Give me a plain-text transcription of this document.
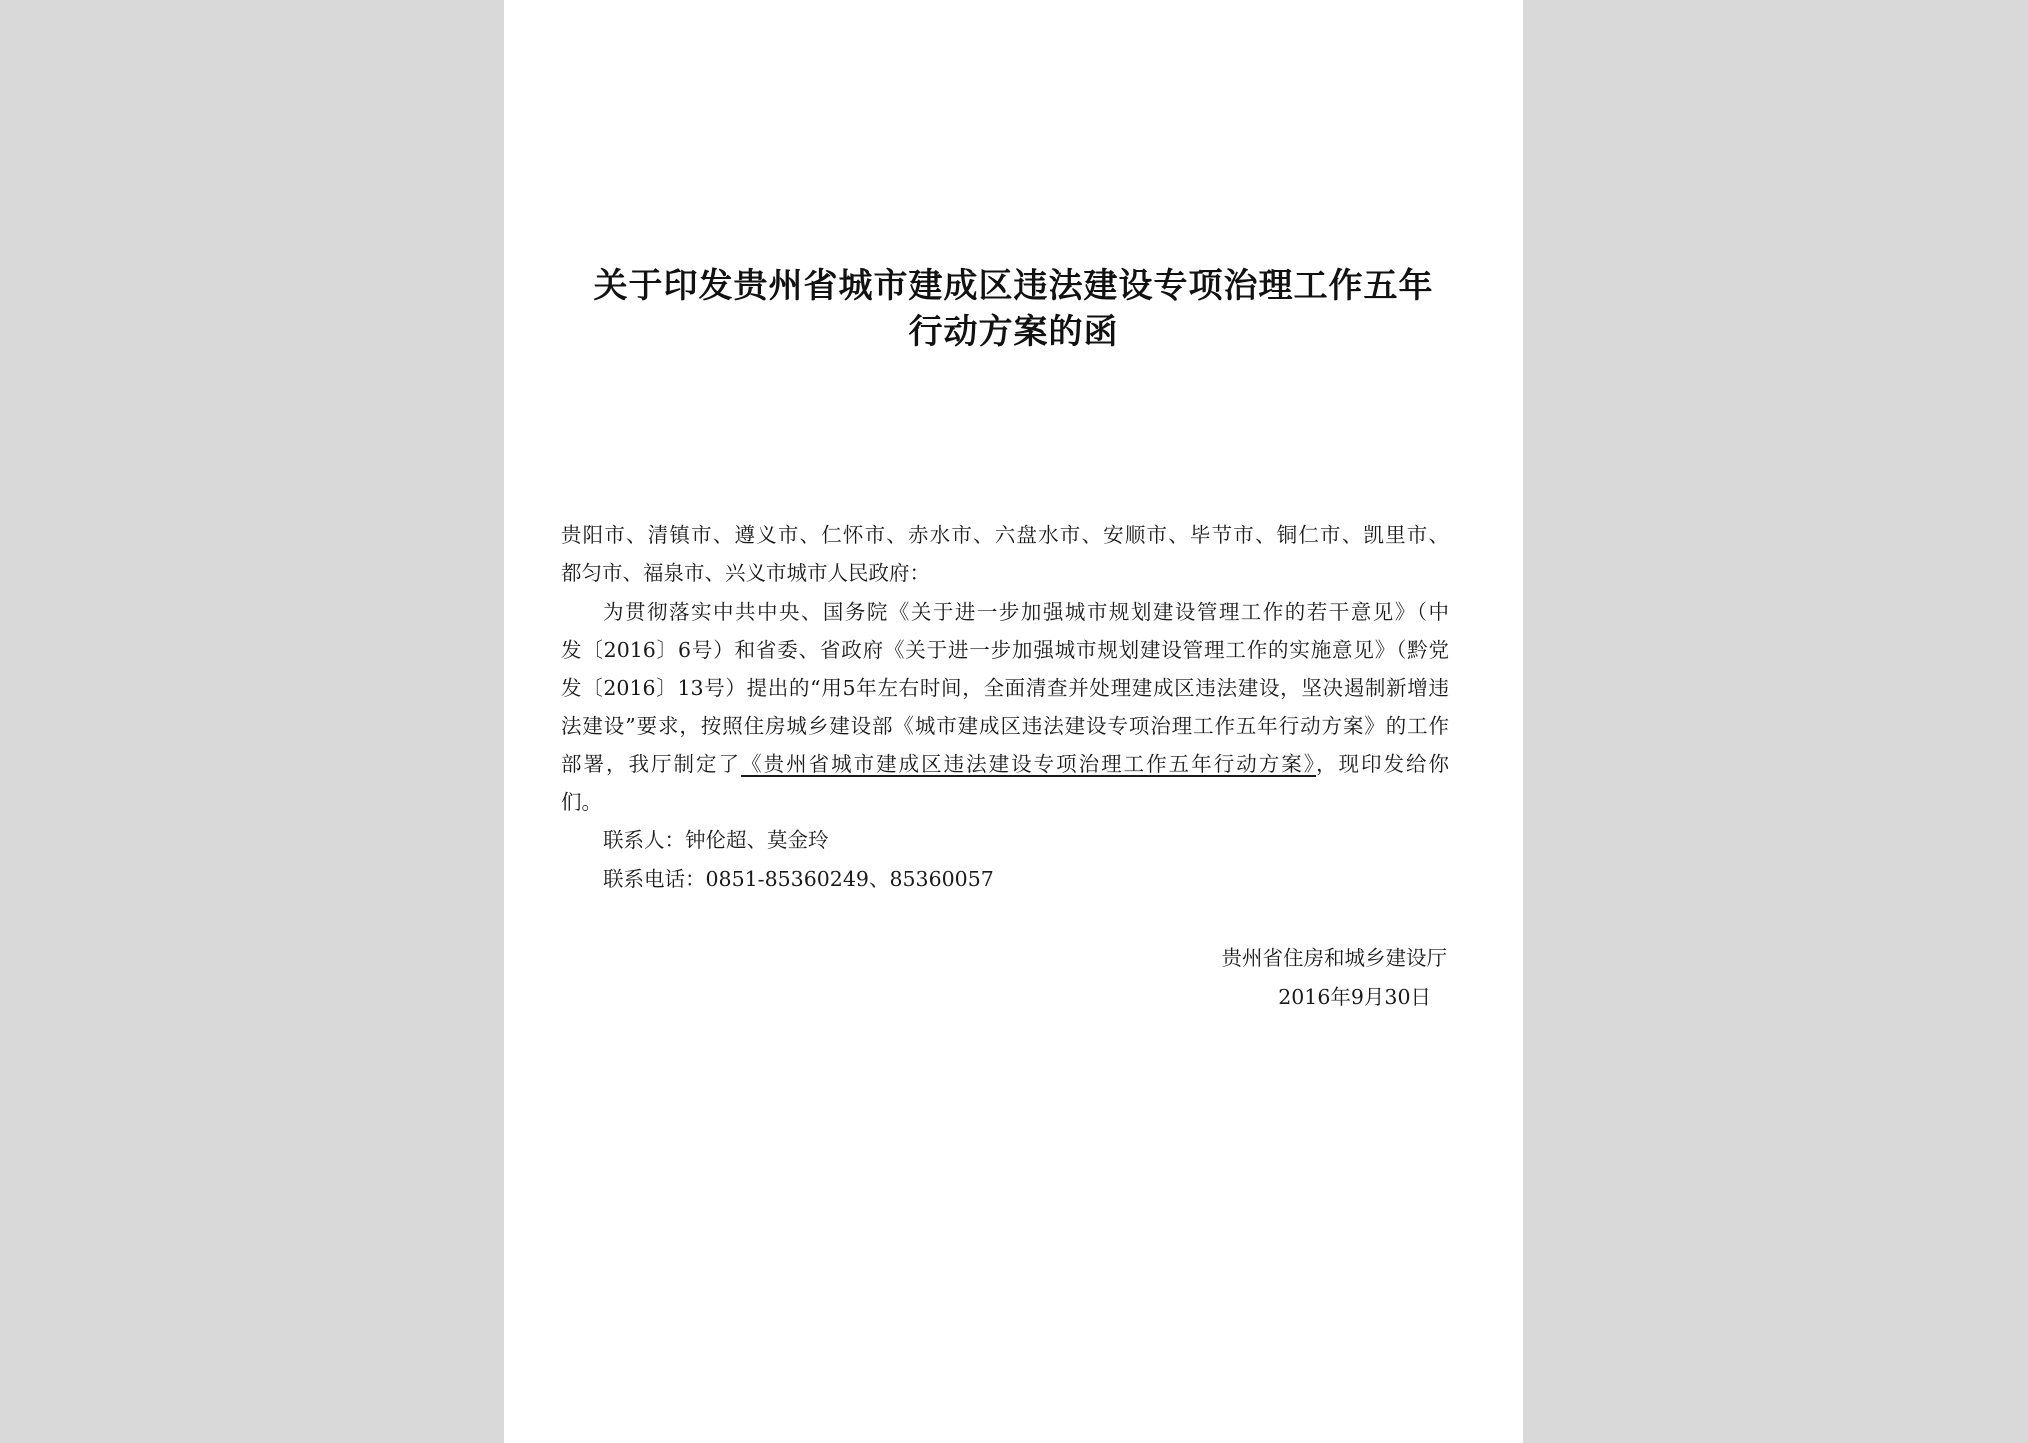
关于印发贵州省城市建成区违法建设专项治理工作五年
行动方案的函
贵阳市、清镇市、遵义市、仁怀市、赤水市、六盘水市、安顺市、毕节市、铜仁市、凯里市、
都匀市、福泉市、兴义市城市人民政府：
为贯彻落实中共中央、国务院《关于进一步加强城市规划建设管理工作的若干意见》（中
发〔2016〕6号）和省委、省政府《关于进一步加强城市规划建设管理工作的实施意见》（黔党
发〔2016〕13号）提出的“用5年左右时间，全面清查并处理建成区违法建设，坚决遏制新增违
法建设”要求，按照住房城乡建设部《城市建成区违法建设专项治理工作五年行动方案》的工作
部署，我厅制定了《贵州省城市建成区违法建设专项治理工作五年行动方案》，现印发给你
们。
联系人：钟伦超、莫金玲
联系电话：0851-85360249、85360057
贵州省住房和城乡建设厅
2016年9月30日
